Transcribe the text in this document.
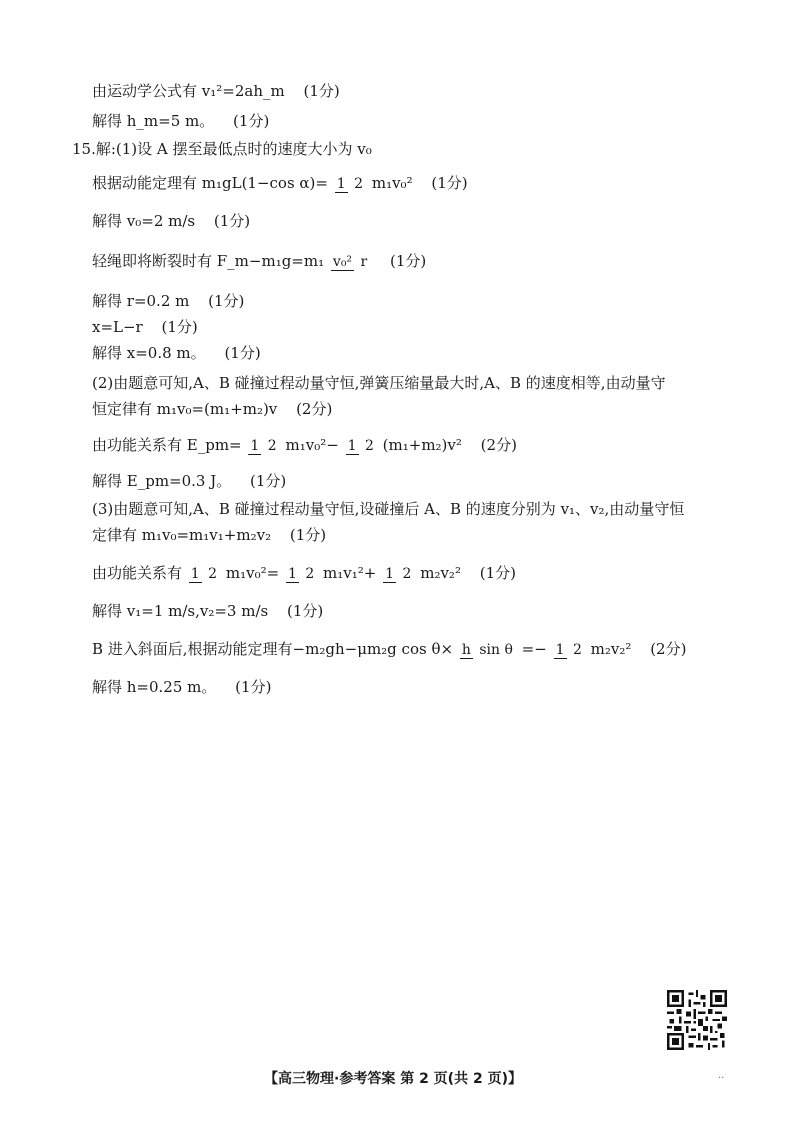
由运动学公式有 v₁²=2ah_m (1分)
解得 h_m=5 m。 (1分)
15.解:(1)设 A 摆至最低点时的速度大小为 v₀
根据动能定理有 m₁gL(1−cos α)= 1 2 m₁v₀² (1分)
解得 v₀=2 m/s (1分)
轻绳即将断裂时有 F_m−m₁g=m₁ v₀² r (1分)
解得 r=0.2 m (1分)
x=L−r (1分)
解得 x=0.8 m。 (1分)
(2)由题意可知,A、B 碰撞过程动量守恒,弹簧压缩量最大时,A、B 的速度相等,由动量守
恒定律有 m₁v₀=(m₁+m₂)v (2分)
由功能关系有 E_pm= 1 2 m₁v₀²− 1 2 (m₁+m₂)v² (2分)
解得 E_pm=0.3 J。 (1分)
(3)由题意可知,A、B 碰撞过程动量守恒,设碰撞后 A、B 的速度分别为 v₁、v₂,由动量守恒
定律有 m₁v₀=m₁v₁+m₂v₂ (1分)
由功能关系有 1 2 m₁v₀²= 1 2 m₁v₁²+ 1 2 m₂v₂² (1分)
解得 v₁=1 m/s,v₂=3 m/s (1分)
B 进入斜面后,根据动能定理有−m₂gh−μm₂g cos θ× h sin θ =− 1 2 m₂v₂² (2分)
解得 h=0.25 m。 (1分)
【高三物理·参考答案 第 2 页(共 2 页)】	..
